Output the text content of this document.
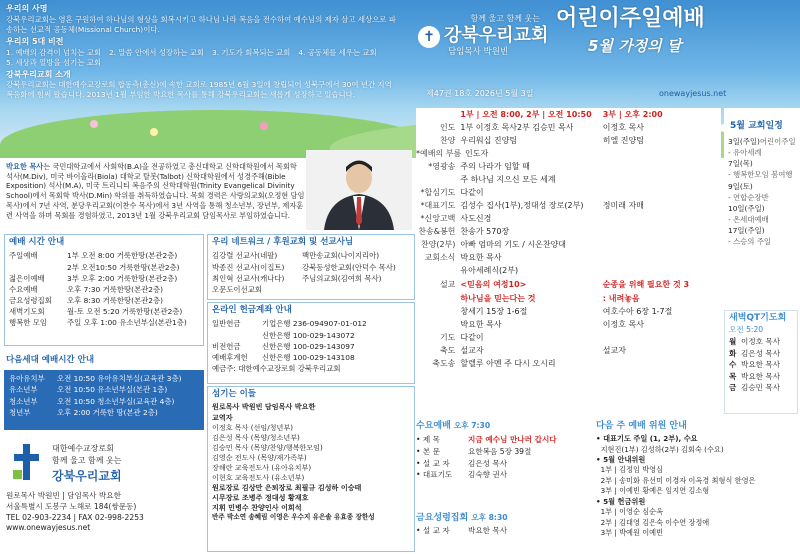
우리의 사명
강북우리교회는 영혼 구원하여 하나님의 형상을 회복시키고 하나님 나라 복음을 전수하여 예수님의 제자 삼고 세상으로 파송하는 선교적 공동체(Missional Church)이다.
우리의 5대 비전
1. 예배의 감격이 넘치는 교회 2. 말씀 안에서 성장하는 교회 3. 기도가 회복되는 교회 4. 공동체를 세우는 교회
5. 세상과 열방을 섬기는 교회
강북우리교회 소개
강북우리교회는 대한예수교장로회 합동측(총신)에 속한 교회로 1985년 6월 3일에 창립되어 성북구에서 30여 년간 지역 복음화에 힘써 왔습니다. 2013년 1월 부임한 박요한 목사를 통해 강북우리교회는 새롭게 성장하고 있습니다.
함께 울고 함께 웃는
✝ 강북우리교회
담임목사 박원빈
어린이주일예배
5월 가정의 달
제47권 18호 2026년 5월 3일	onewayjesus.net
박요한 목사는 국민대학교에서 사회학(B.A)을 전공하였고 총신대학교 신학대학원에서 목회학 석사(M.Div), 미국 바이올라(Biola) 대학교 탈봇(Talbot) 신학대학원에서 성경주해(Bible Exposition) 석사(M.A), 미국 트리니티 복음주의 신학대학원(Trinity Evangelical Divinity School)에서 목회학 박사(D.Min) 학위를 취득하였습니다. 목회 경력은 사랑의교회(오정현 담임목사)에서 7년 사역, 분당우리교회(이찬수 목사)에서 3년 사역을 통해 청소년부, 장년부, 제자훈련 사역을 하며 목회를 경험하였고, 2013년 1월 강북우리교회 담임목사로 부임하였습니다.
예배 시간 안내
주일예배	1부 오전 8:00 거룩한땅(본관2층)
2부 오전10:50 거룩한땅(본관2층)
젊은이예배	3부 오후 2:00 거룩한땅(본관2층)
수요예배	오후 7:30 거룩한땅(본관2층)
금요성령집회	오후 8:30 거룩한땅(본관2층)
새벽기도회	월-토 오전 5:20 거룩한땅(본관2층)
행복한 모임	주일 오후 1:00 유소년부실(본관1층)
다음세대 예배시간 안내
유아유치부	오전 10:50 유아유치부실(교육관 3층)
유소년부	오전 10:50 유소년부실(본관 1층)
청소년부	오전 10:50 청소년부실(교육관 4층)
청년부	오후 2:00 거룩한 땅(본관 2층)
대한예수교장로회
함께 울고 함께 웃는
강북우리교회
원로목사 박원빈 | 담임목사 박요한
서울특별시 도봉구 노해로 184(쌍문동)
TEL 02-903-2234 | FAX 02-998-2253
www.onewayjesus.net
우리 네트워크 / 후원교회 및 선교사님
김강렬 선교사(네팔)	백만송교회(나이지리아)
박종진 선교사(이집트)	강북동성한교회(안덕수 목사)
최인혁 선교사(캐나다)	주님의교회(김여희 목사)
오문도이선교회
온라인 헌금계좌 안내
일반헌금	기업은행 236-094907-01-012
신한은행 100-029-143072
비전헌금	신한은행 100-029-143097
예배후계헌	신한은행 100-029-143108
예금주: 대한예수교장로회 강북우리교회
섬기는 이들
원로목사 박원빈 담임목사 박요한
교역자
이정호 목사 (선임/청년부)
김은성 목사 (목양/청소년부)
김승민 목사 (목양/찬양/행복한모임)
김영순 전도사 (목양/재가족부)
장해란 교육전도사 (유아유치부)
이현호 교육전도사 (유소년부)
원로장로 김상만 은퇴장로 최필규 김성하 이승태
시무장로 조병주 정대성 황재호
지휘 민병수 찬양인사 이희석
반주 박소연 송혜림 이영은 우수지 유은솔 유효종 장한성
1부 | 오전 8:00, 2부 | 오전 10:50	3부 | 오후 2:00
인도 1부 이정호 목사2부 김승민 목사	이정호 목사
찬양 우리워십 진양팀	히엘 진양팀
*예배의 부름 인도자
*영광송 주의 나라가 임할 때
주 하나님 지으신 모든 세계
*합심기도 다같이
*대표기도 김성수 집사(1부),정대성 장로(2부)	정미래 자매
*신앙고백 사도신경
찬송&봉헌 찬송가 570장
찬양(2부) 아빠 엄마의 기도 / 시온찬양대
교회소식 박요한 목사
유아세례식(2부)
설교 <믿음의 여정10>	순종을 위해 필요한 것 3
하나님을 믿는다는 것	: 내려놓음
창세기 15장 1-6절	여호수아 6장 1-7절
박요한 목사	이정호 목사
기도 다같이
축도 설교자	설교자
축도송 할렐루 아멘 주 다시 오시리
5월 교회일정
3일(주일)어린이주일
- 유아세례
7일(목)
- 행복한모임 봄여행
9일(토)
- 연합순장반
10일(주일)
- 온세대예배
17일(주일)
- 스승의 주일
새벽QT기도회
오전 5:20
월 이정호 목사
화 김은성 목사
수 박요한 목사
목 박요한 목사
금 김승민 목사
수요예배 오후 7:30
• 제 목	지금 예수님 만나러 갑시다
• 본 문	요한복음 5장 39절
• 설 교 자	김은성 목사
• 대표기도	김숙향 권사
금요성령집회 오후 8:30
• 설 교 자	박요한 목사
다음 주 예배 위원 안내
• 대표기도 주일 (1, 2부), 수요
지현진(1부) 김성하(2부) 김회숙 (수요)
• 5월 안내위원
1부 | 김정임 박영심
2부 | 송미화 유선미 이경자 이옥경 최형식 한영은
3부 | 이예빈 황예은 임지연 김소형
• 5월 헌금위원
1부 | 이영순 심순옥
2부 | 김대영 김은숙 이수연 장정애
3부 | 박예원 이예빈
